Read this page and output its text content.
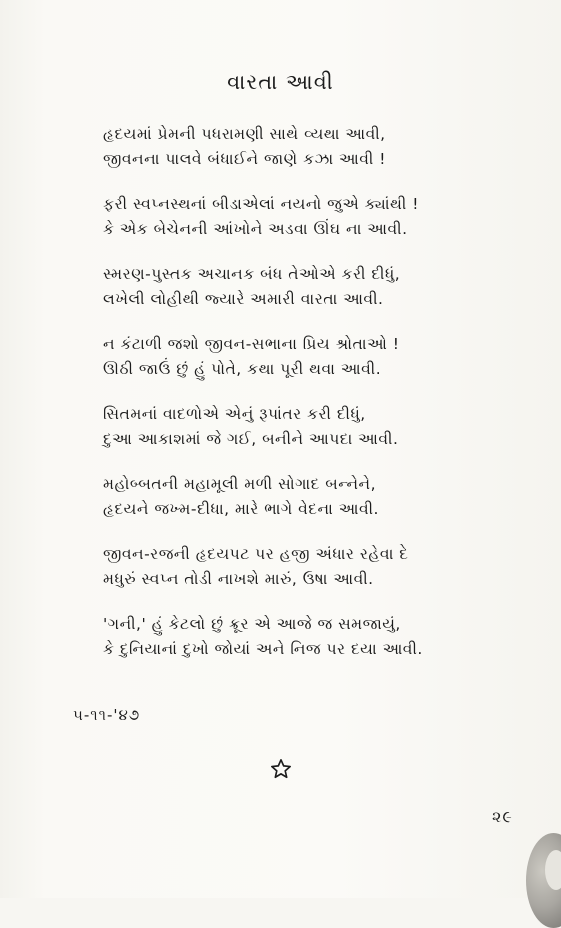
વારતા આવી
હૃદયમાં પ્રેમની પધરામણી સાથે વ્યથા આવી,
જીવનના પાલવે બંધાઈને જાણે કઝા આવી !
ફરી સ્વપ્નસ્થનાં બીડાએલાં નયનો જુએ ક્યાંથી !
કે એક બેચેનની આંખોને અડવા ઊંઘ ના આવી.
સ્મરણ-પુસ્તક અચાનક બંધ તેઓએ કરી દીધું,
લખેલી લોહીથી જ્યારે અમારી વારતા આવી.
ન કંટાળી જશો જીવન-સભાના પ્રિય શ્રોતાઓ !
ઊઠી જાઉં છું હું પોતે, કથા પૂરી થવા આવી.
સિતમનાં વાદળોએ એનું રૂપાંતર કરી દીધું,
દુઆ આકાશમાં જે ગઈ, બનીને આપદા આવી.
મહોબ્બતની મહામૂલી મળી સોગાદ બન્નેને,
હૃદયને જખ્મ-દીધા, મારે ભાગે વેદના આવી.
જીવન-રજની હૃદયપટ પર હજી અંધાર રહેવા દે
મધુરું સ્વપ્ન તોડી નાખશે મારું, ઉષા આવી.
'ગની,' હું કેટલો છું ક્રૂર એ આજે જ સમજાયું,
કે દુનિયાનાં દુખો જોયાં અને નિજ પર દયા આવી.
૫-૧૧-'૪૭
૨૯
